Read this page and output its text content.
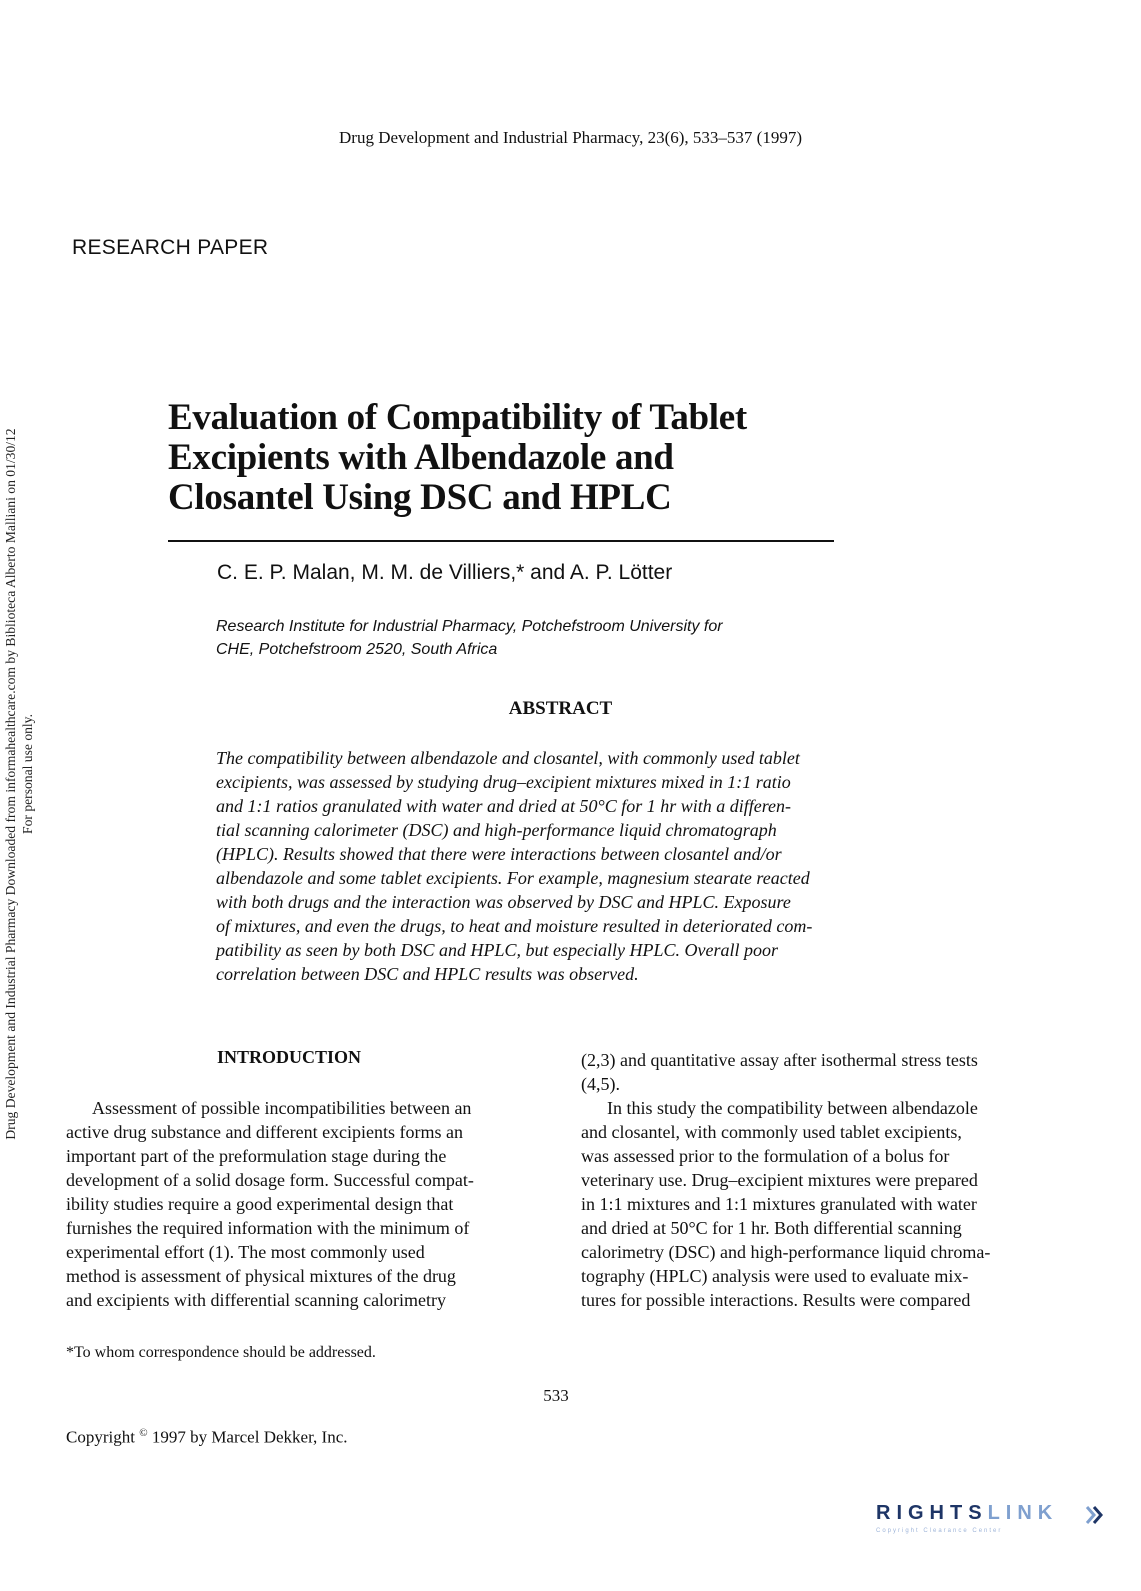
Drug Development and Industrial Pharmacy, 23(6), 533–537 (1997)
RESEARCH PAPER
Drug Development and Industrial Pharmacy Downloaded from informahealthcare.com by Biblioteca Alberto Malliani on 01/30/12 For personal use only.
Evaluation of Compatibility of Tablet
Excipients with Albendazole and
Closantel Using DSC and HPLC
C. E. P. Malan, M. M. de Villiers,* and A. P. Lötter
Research Institute for Industrial Pharmacy, Potchefstroom University for
CHE, Potchefstroom 2520, South Africa
ABSTRACT
The compatibility between albendazole and closantel, with commonly used tablet
excipients, was assessed by studying drug–excipient mixtures mixed in 1:1 ratio
and 1:1 ratios granulated with water and dried at 50°C for 1 hr with a differen-
tial scanning calorimeter (DSC) and high-performance liquid chromatograph
(HPLC). Results showed that there were interactions between closantel and/or
albendazole and some tablet excipients. For example, magnesium stearate reacted
with both drugs and the interaction was observed by DSC and HPLC. Exposure
of mixtures, and even the drugs, to heat and moisture resulted in deteriorated com-
patibility as seen by both DSC and HPLC, but especially HPLC. Overall poor
correlation between DSC and HPLC results was observed.
INTRODUCTION
Assessment of possible incompatibilities between an
active drug substance and different excipients forms an
important part of the preformulation stage during the
development of a solid dosage form. Successful compat-
ibility studies require a good experimental design that
furnishes the required information with the minimum of
experimental effort (1). The most commonly used
method is assessment of physical mixtures of the drug
and excipients with differential scanning calorimetry
(2,3) and quantitative assay after isothermal stress tests
(4,5).
In this study the compatibility between albendazole
and closantel, with commonly used tablet excipients,
was assessed prior to the formulation of a bolus for
veterinary use. Drug–excipient mixtures were prepared
in 1:1 mixtures and 1:1 mixtures granulated with water
and dried at 50°C for 1 hr. Both differential scanning
calorimetry (DSC) and high-performance liquid chroma-
tography (HPLC) analysis were used to evaluate mix-
tures for possible interactions. Results were compared
*To whom correspondence should be addressed.
533
Copyright © 1997 by Marcel Dekker, Inc.
RIGHTSLINK
Copyright Clearance Center
